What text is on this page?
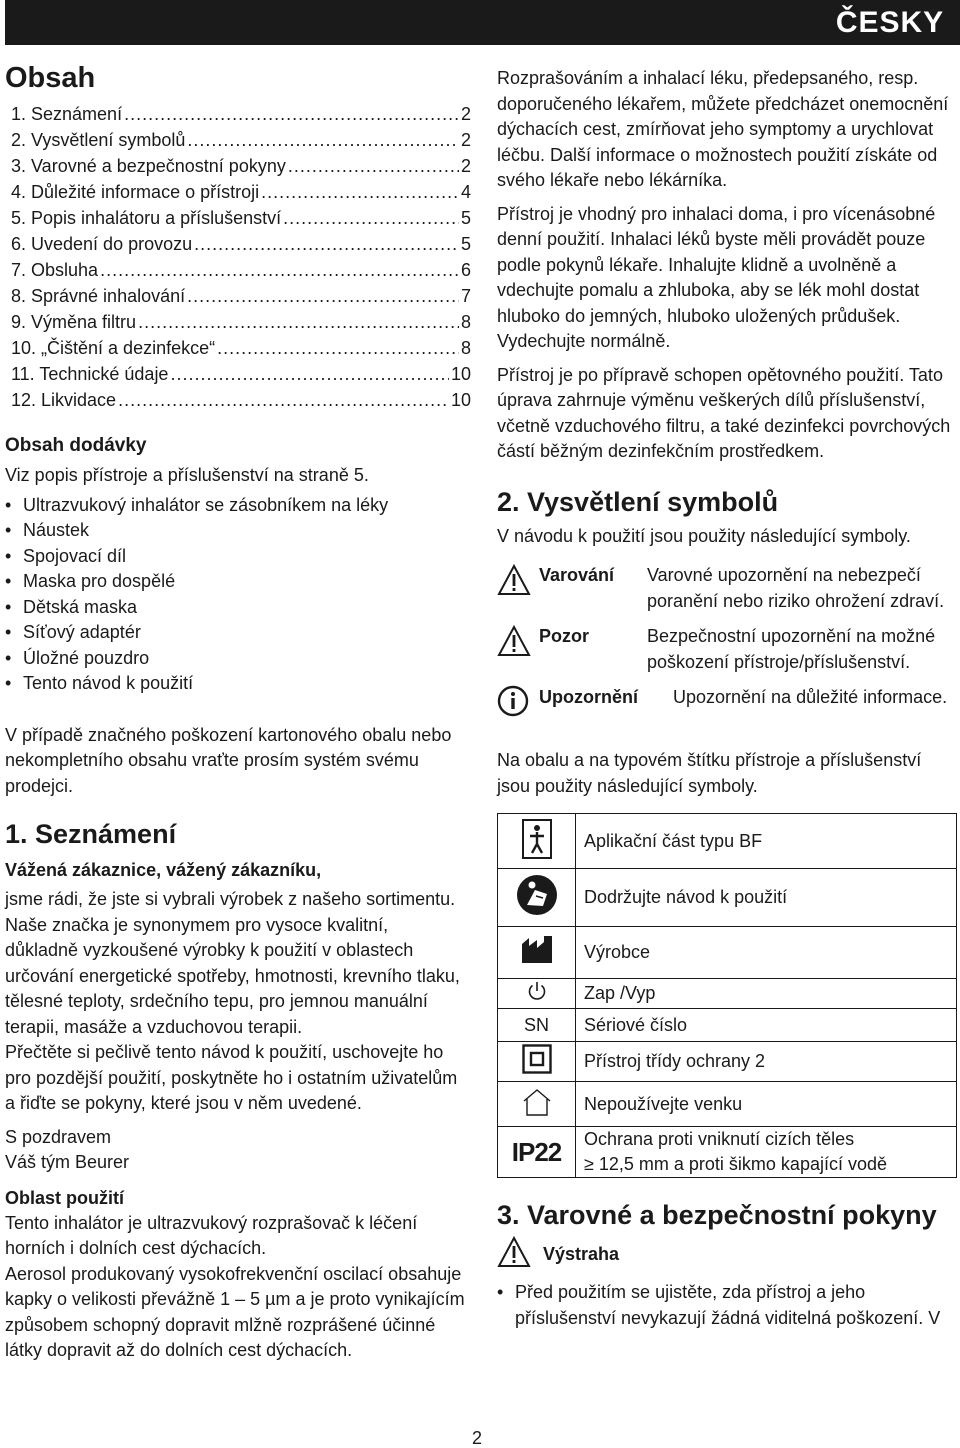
ČESKY
Obsah
1. Seznámení .....	2
2. Vysvětlení symbolů .....	2
3. Varovné a bezpečnostní pokyny .....	2
4. Důležité informace o přístroji .....	4
5. Popis inhalátoru a příslušenství .....	5
6. Uvedení do provozu .....	5
7. Obsluha .....	6
8. Správné inhalování .....	7
9. Výměna filtru .....	8
10. „Čištění a dezinfekce“ .....	8
11. Technické údaje .....	10
12. Likvidace .....	10
Obsah dodávky

Viz popis přístroje a příslušenství na straně 5.

• Ultrazvukový inhalátor se zásobníkem na léky
• Náustek
• Spojovací díl
• Maska pro dospělé
• Dětská maska
• Síťový adaptér
• Úložné pouzdro
• Tento návod k použití

V případě značného poškození kartonového obalu nebo nekompletního obsahu vraťte prosím systém svému prodejci.

1. Seznámení
Vážená zákaznice, vážený zákazníku,

jsme rádi, že jste si vybrali výrobek z našeho sortimentu. Naše značka je synonymem pro vysoce kvalitní, důkladně vyzkoušené výrobky k použití v oblastech určování energetické spotřeby, hmotnosti, krevního tlaku, tělesné teploty, srdečního tepu, pro jemnou manuální terapii, masáže a vzduchovou terapii.

Přečtěte si pečlivě tento návod k použití, uschovejte ho pro pozdější použití, poskytněte ho i ostatním uživatelům a řiďte se pokyny, které jsou v něm uvedené.

S pozdravem

Váš tým Beurer

Oblast použití

Tento inhalátor je ultrazvukový rozprašovač k léčení horních i dolních cest dýchacích.

Aerosol produkovaný vysokofrekvenční oscilací obsahuje kapky o velikosti převážně 1 – 5 µm a je proto vynikajícím způsobem schopný dopravit mlžně rozprášené účinné látky dopravit až do dolních cest dýchacích.

Rozprašováním a inhalací léku, předepsaného, resp. doporučeného lékařem, můžete předcházet onemocnění dýchacích cest, zmírňovat jeho symptomy a urychlovat léčbu. Další informace o možnostech použití získáte od svého lékaře nebo lékárníka.

Přístroj je vhodný pro inhalaci doma, i pro vícenásobné denní použití. Inhalaci léků byste měli provádět pouze podle pokynů lékaře. Inhalujte klidně a uvolněně a vdechujte pomalu a zhluboka, aby se lék mohl dostat hluboko do jemných, hluboko uložených průdušek. Vydechujte normálně.

Přístroj je po přípravě schopen opětovného použití. Tato úprava zahrnuje výměnu veškerých dílů příslušenství, včetně vzduchového filtru, a také dezinfekci povrchových částí běžným dezinfekčním prostředkem.

2. Vysvětlení symbolů

V návodu k použití jsou použity následující symboly.

Varování	Varovné upozornění na nebezpečí poranění nebo riziko ohrožení zdraví.
Pozor	Bezpečnostní upozornění na možné poškození přístroje/příslušenství.
Upozornění	Upozornění na důležité informace.

Na obalu a na typovém štítku přístroje a příslušenství jsou použity následující symboly.

	Aplikační část typu BF
	Dodržujte návod k použití
	Výrobce
	Zap /Vyp
SN	Sériové číslo
	Přístroj třídy ochrany 2
	Nepoužívejte venku
IP22	Ochrana proti vniknutí cizích těles
≥ 12,5 mm a proti šikmo kapající vodě
3. Varovné a bezpečnostní pokyny
Výstraha
• Před použitím se ujistěte, zda přístroj a jeho příslušenství nevykazují žádná viditelná poškození. V
2
